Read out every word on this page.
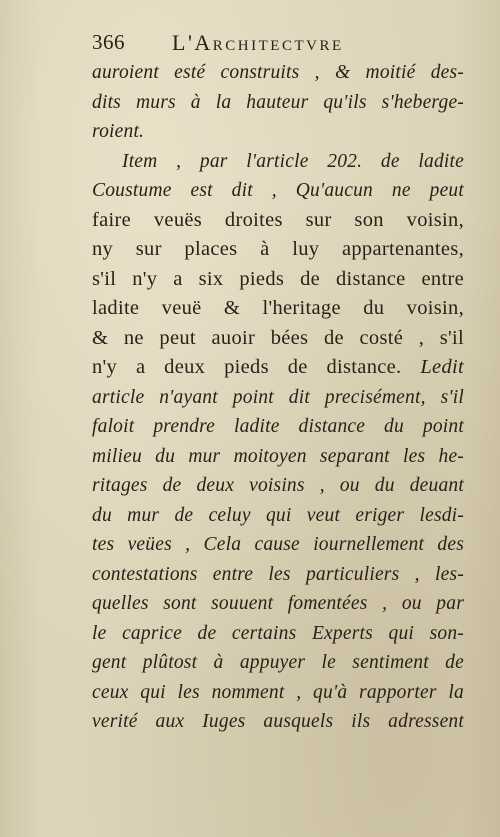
366 L'Architectvre
auroient esté construits , & moitié des-
dits murs à la hauteur qu'ils s'heberge-
roient.
Item , par l'article 202. de ladite
Coustume est dit , Qu'aucun ne peut
faire veuës droites sur son voisin,
ny sur places à luy appartenantes,
s'il n'y a six pieds de distance entre
ladite veuë & l'heritage du voisin,
& ne peut auoir bées de costé , s'il
n'y a deux pieds de distance. Ledit
article n'ayant point dit precisément, s'il
faloit prendre ladite distance du point
milieu du mur moitoyen separant les he-
ritages de deux voisins , ou du deuant
du mur de celuy qui veut eriger lesdi-
tes veües , Cela cause iournellement des
contestations entre les particuliers , les-
quelles sont souuent fomentées , ou par
le caprice de certains Experts qui son-
gent plûtost à appuyer le sentiment de
ceux qui les nomment , qu'à rapporter la
verité aux Iuges ausquels ils adressent
